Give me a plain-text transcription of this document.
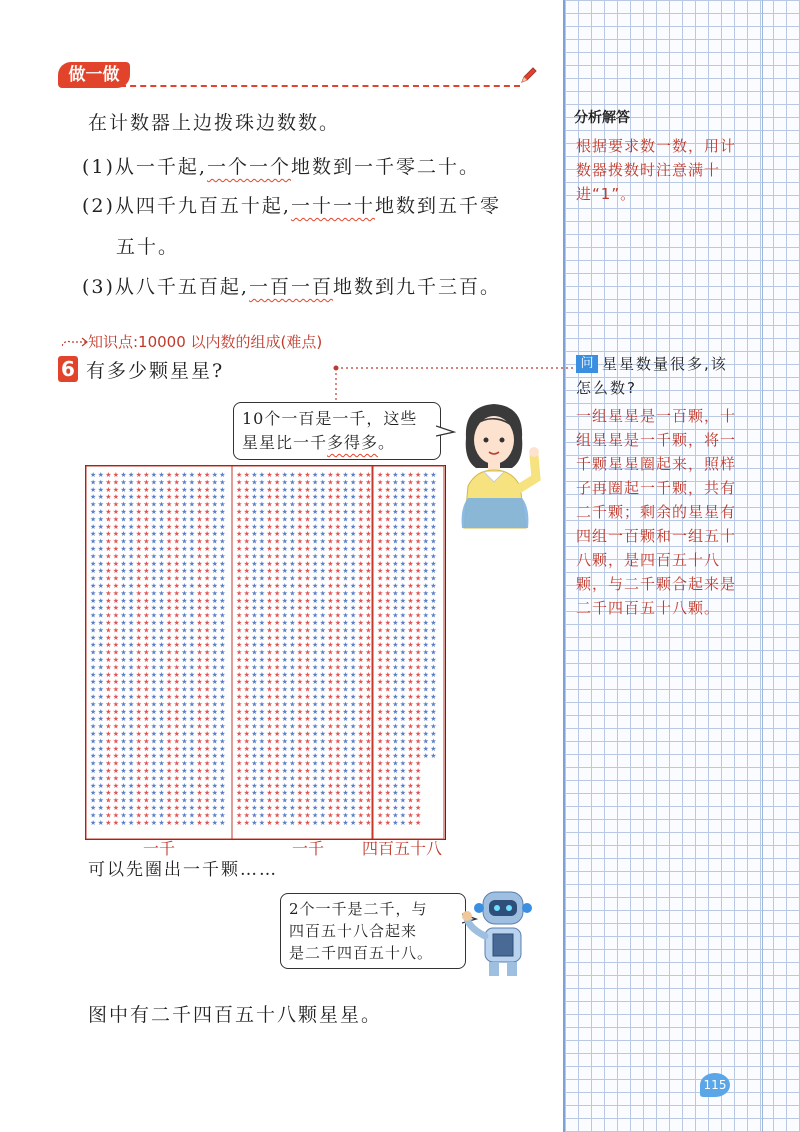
做一做
在计数器上边拨珠边数数。
(1)从一千起,一个一个地数到一千零二十。
(2)从四千九百五十起,一十一十地数到五千零
五十。
(3)从八千五百起,一百一百地数到九千三百。
知识点:10000 以内数的组成(难点)
6 有多少颗星星?
10个一百是一千，这些
星星比一千多得多。
★
★
★
★
★
★
★
★
★
★
★
★
★
★
★
★
★
★
★
★
★
★
★
★
★
★
★
★
★
★
★
★
★
★
★
★
★
★
★
★
★
★
★
★
★
★
★
★
★
★
★
★
★
★
★
★
★
★
★
★
★
★
★
★
★
★
★
★
★
★
★
★
★
★
★
★
★
★
★
★
★
★
★
★
★
★
★
★
★
★
★
★
★
★
★
★
★
★
★
★
★
★
★
★
★
★
★
★
★
★
★
★
★
★
★
★
★
★
★
★
★
★
★
★
★
★
★
★
★
★
★
★
★
★
★
★
★
★
★
★
★
★
★
★
★
★
★
★
★
★
★
★
★
★
★
★
★
★
★
★
★
★
★
★
★
★
★
★
★
★
★
★
★
★
★
★
★
★
★
★
★
★
★
★
★
★
★
★
★
★
★
★
★
★
★
★
★
★
★
★
★
★
★
★
★
★
★
★
★
★
★
★
★
★
★
★
★
★
★
★
★
★
★
★
★
★
★
★
★
★
★
★
★
★
★
★
★
★
★
★
★
★
★
★
★
★
★
★
★
★
★
★
★
★
★
★
★
★
★
★
★
★
★
★
★
★
★
★
★
★
★
★
★
★
★
★
★
★
★
★
★
★
★
★
★
★
★
★
★
★
★
★
★
★
★
★
★
★
★
★
★
★
★
★
★
★
★
★
★
★
★
★
★
★
★
★
★
★
★
★
★
★
★
★
★
★
★
★
★
★
★
★
★
★
★
★
★
★
★
★
★
★
★
★
★
★
★
★
★
★
★
★
★
★
★
★
★
★
★
★
★
★
★
★
★
★
★
★
★
★
★
★
★
★
★
★
★
★
★
★
★
★
★
★
★
★
★
★
★
★
★
★
★
★
★
★
★
★
★
★
★
★
★
★
★
★
★
★
★
★
★
★
★
★
★
★
★
★
★
★
★
★
★
★
★
★
★
★
★
★
★
★
★
★
★
★
★
★
★
★
★
★
★
★
★
★
★
★
★
★
★
★
★
★
★
★
★
★
★
★
★
★
★
★
★
★
★
★
★
★
★
★
★
★
★
★
★
★
★
★
★
★
★
★
★
★
★
★
★
★
★
★
★
★
★
★
★
★
★
★
★
★
★
★
★
★
★
★
★
★
★
★
★
★
★
★
★
★
★
★
★
★
★
★
★
★
★
★
★
★
★
★
★
★
★
★
★
★
★
★
★
★
★
★
★
★
★
★
★
★
★
★
★
★
★
★
★
★
★
★
★
★
★
★
★
★
★
★
★
★
★
★
★
★
★
★
★
★
★
★
★
★
★
★
★
★
★
★
★
★
★
★
★
★
★
★
★
★
★
★
★
★
★
★
★
★
★
★
★
★
★
★
★
★
★
★
★
★
★
★
★
★
★
★
★
★
★
★
★
★
★
★
★
★
★
★
★
★
★
★
★
★
★
★
★
★
★
★
★
★
★
★
★
★
★
★
★
★
★
★
★
★
★
★
★
★
★
★
★
★
★
★
★
★
★
★
★
★
★
★
★
★
★
★
★
★
★
★
★
★
★
★
★
★
★
★
★
★
★
★
★
★
★
★
★
★
★
★
★
★
★
★
★
★
★
★
★
★
★
★
★
★
★
★
★
★
★
★
★
★
★
★
★
★
★
★
★
★
★
★
★
★
★
★
★
★
★
★
★
★
★
★
★
★
★
★
★
★
★
★
★
★
★
★
★
★
★
★
★
★
★
★
★
★
★
★
★
★
★
★
★
★
★
★
★
★
★
★
★
★
★
★
★
★
★
★
★
★
★
★
★
★
★
★
★
★
★
★
★
★
★
★
★
★
★
★
★
★
★
★
★
★
★
★
★
★
★
★
★
★
★
★
★
★
★
★
★
★
★
★
★
★
★
★
★
★
★
★
★
★
★
★
★
★
★
★
★
★
★
★
★
★
★
★
★
★
★
★
★
★
★
★
★
★
★
★
★
★
★
★
★
★
★
★
★
★
★
★
★
★
★
★
★
★
★
★
★
★
★
★
★
★
★
★
★
★
★
★
★
★
★
★
★
★
★
★
★
★
★
★
★
★
★
★
★
★
★
★
★
★
★
★
★
★
★
★
★
★
★
★
★
★
★
★
★
★
★
★
★
★
★
★
★
★
★
★
★
★
★
★
★
★
★
★
★
★
★
★
★
★
★
★
★
★
★
★
★
★
★
★
★
★
★
★
★
★
★
★
★
★
★
★
★
★
★
★
★
★
★
★
★
★
★
★
★
★
★
★
★
★
★
★
★
★
★
★
★
★
★
★
★
★
★
★
★
★
★
★
★
★
★
★
★
★
★
★
★
★
★
★
★
★
★
★
★
★
★
★
★
★
★
★
★
★
★
★
★
★
★
★
★
★
★
★
★
★
★
★
★
★
★
★
★
★
★
★
★
★
★
★
★
★
★
★
★
★
★
★
★
★
★
★
★
★
★
★
★
★
★
★
★
★
★
★
★
★
★
★
★
★
★
★
★
★
★
★
★
★
★
★
★
★
★
★
★
★
★
★
★
★
★
★
★
★
★
★
★
★
★
★
★
★
★
★
★
★
★
★
★
★
★
★
★
★
★
★
★
★
★
★
★
★
★
★
★
★
★
★
★
★
★
★
★
★
★
★
★
★
★
★
★
★
★
★
★
★
★
★
★
★
★
★
★
★
★
★
★
★
★
★
★
★
★
★
★
★
★
★
★
★
★
★
★
★
★
★
★
★
★
★
★
★
★
★
★
★
★
★
★
★
★
★
★
★
★
★
★
★
★
★
★
★
★
★
★
★
★
★
★
★
★
★
★
★
★
★
★
★
★
★
★
★
★
★
★
★
★
★
★
★
★
★
★
★
★
★
★
★
★
★
★
★
★
★
★
★
★
★
★
★
★
★
★
★
★
★
★
★
★
★
★
★
★
★
★
★
★
★
★
★
★
★
★
★
★
★
★
★
★
★
★
★
★
★
★
★
★
★
★
★
★
★
★
★
★
★
★
★
★
★
★
★
★
★
★
★
★
★
★
★
★
★
★
★
★
★
★
★
★
★
★
★
★
★
★
★
★
★
★
★
★
★
★
★
★
★
★
★
★
★
★
★
★
★
★
★
★
★
★
★
★
★
★
★
★
★
★
★
★
★
★
★
★
★
★
★
★
★
★
★
★
★
★
★
★
★
★
★
★
★
★
★
★
★
★
★
★
★
★
★
★
★
★
★
★
★
★
★
★
★
★
★
★
★
★
★
★
★
★
★
★
★
★
★
★
★
★
★
★
★
★
★
★
★
★
★
★
★
★
★
★
★
★
★
★
★
★
★
★
★
★
★
★
★
★
★
★
★
★
★
★
★
★
★
★
★
★
★
★
★
★
★
★
★
★
★
★
★
★
★
★
★
★
★
★
★
★
★
★
★
★
★
★
★
★
★
★
★
★
★
★
★
★
★
★
★
★
★
★
★
★
★
★
★
★
★
★
★
★
★
★
★
★
★
★
★
★
★
★
★
★
★
★
★
★
★
★
★
★
★
★
★
★
★
★
★
★
★
★
★
★
★
★
★
★
★
★
★
★
★
★
★
★
★
★
★
★
★
★
★
★
★
★
★
★
★
★
★
★
★
★
★
★
★
★
★
★
★
★
★
★
★
★
★
★
★
★
★
★
★
★
★
★
★
★
★
★
★
★
★
★
★
★
★
★
★
★
★
★
★
★
★
★
★
★
★
★
★
★
★
★
★
★
★
★
★
★
★
★
★
★
★
★
★
★
★
★
★
★
★
★
★
★
★
★
★
★
★
★
★
★
★
★
★
★
★
★
★
★
★
★
★
★
★
★
★
★
★
★
★
★
★
★
★
★
★
★
★
★
★
★
★
★
★
★
★
★
★
★
★
★
★
★
★
★
★
★
★
★
★
★
★
★
★
★
★
★
★
★
★
★
★
★
★
★
★
★
★
★
★
★
★
★
★
★
★
★
★
★
★
★
★
★
★
★
★
★
★
★
★
★
★
★
★
★
★
★
★
★
★
★
★
★
★
★
★
★
★
★
★
★
★
★
★
★
★
★
★
★
★
★
★
★
★
★
★
★
★
★
★
★
★
★
★
★
★
★
★
★
★
★
★
★
★
★
★
★
★
★
★
★
★
★
★
★
★
★
★
★
★
★
★
★
★
★
★
★
★
★
★
★
★
★
★
★
★
★
★
★
★
★
★
★
★
★
★
★
★
★
★
★
★
★
★
★
★
★
★
★
★
★
★
★
★
★
★
★
★
★
★
★
★
★
★
★
★
★
★
★
★
★
★
★
★
★
★
★
★
★
★
★
★
★
★
★
★
★
★
★
★
★
★
★
★
★
★
★
★
★
★
★
★
★
★
★
★
★
★
★
★
★
★
★
★
★
★
★
★
★
★
★
★
★
★
★
★
★
★
★
★
★
★
★
★
★
★
★
★
★
★
★
★
★
★
★
★
★
★
★
★
★
★
★
★
★
★
★
★
★
★
★
★
★
★
★
★
★
★
★
★
★
★
★
★
★
★
★
★
★
★
★
★
★
★
★
★
★
★
★
★
★
★
★
★
★
★
★
★
★
★
★
★
★
★
★
★
★
★
★
★
★
★
★
★
★
★
★
★
★
★
★
★
★
★
★
★
★
★
★
★
★
★
★
★
★
★
★
★
★
★
★
★
★
★
★
★
★
★
★
★
★
★
★
★
一千	一千 四百五十八
可以先圈出一千颗……
2个一千是二千，与
四百五十八合起来
是二千四百五十八。
图中有二千四百五十八颗星星。
分析解答
根据要求数一数，用计数器拨数时注意满十进“1”。
问 星星数量很多,该怎么数?
一组星星是一百颗，十组星星是一千颗，将一千颗星星圈起来，照样子再圈起一千颗，共有二千颗；剩余的星星有四组一百颗和一组五十八颗，是四百五十八颗，与二千颗合起来是二千四百五十八颗。
115
